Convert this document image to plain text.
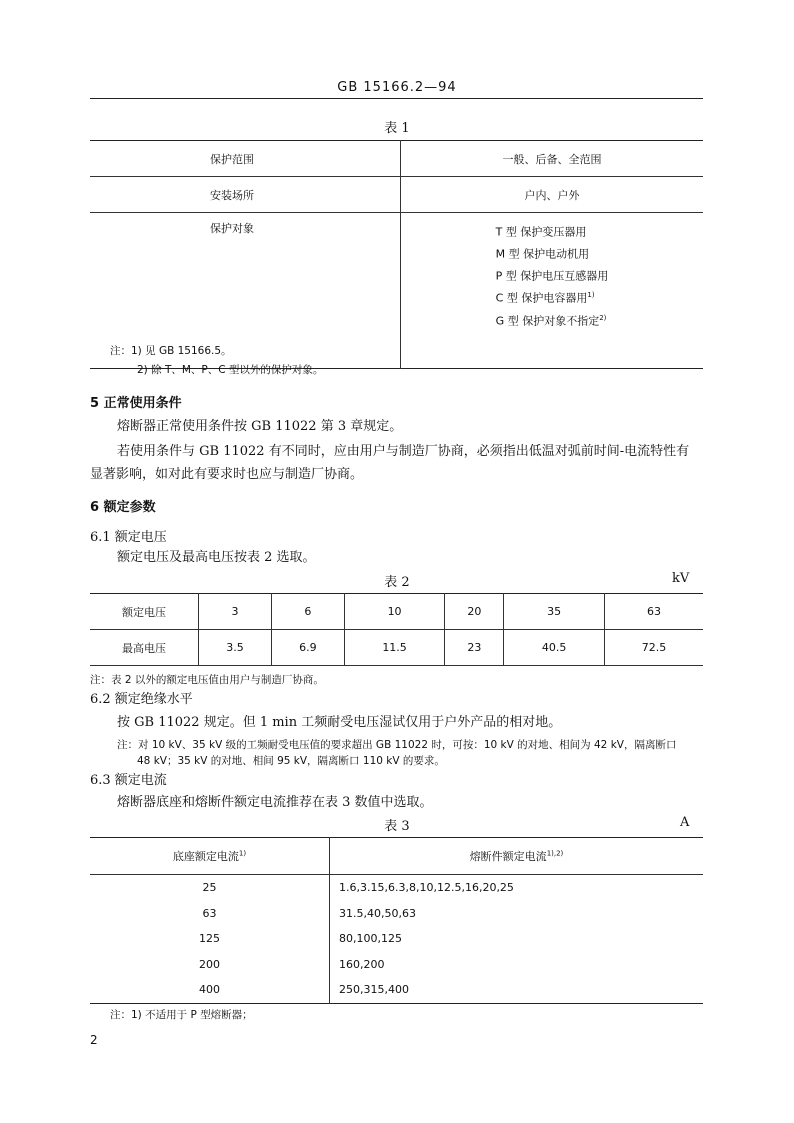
GB 15166.2—94
表 1
保护范围	一般、后备、全范围
安装场所	户内、户外
保护对象	T 型 保护变压器用
M 型 保护电动机用
P 型 保护电压互感器用
C 型 保护电容器用$^{1)}$
G 型 保护对象不指定$^{2)}$
注：1) 见 GB 15166.5。
2) 除 T、M、P、C 型以外的保护对象。
5 正常使用条件
熔断器正常使用条件按 GB 11022 第 3 章规定。
若使用条件与 GB 11022 有不同时，应由用户与制造厂协商，必须指出低温对弧前时间-电流特性有
显著影响，如对此有要求时也应与制造厂协商。
6 额定参数
6.1 额定电压
额定电压及最高电压按表 2 选取。
表 2	kV
额定电压	3	6	10	20	35	63
最高电压	3.5	6.9	11.5	23	40.5	72.5
注：表 2 以外的额定电压值由用户与制造厂协商。
6.2 额定绝缘水平
按 GB 11022 规定。但 1 min 工频耐受电压湿试仅用于户外产品的相对地。
注：对 10 kV、35 kV 级的工频耐受电压值的要求超出 GB 11022 时，可按：10 kV 的对地、相间为 42 kV，隔离断口
48 kV；35 kV 的对地、相间 95 kV，隔离断口 110 kV 的要求。
6.3 额定电流
熔断器底座和熔断件额定电流推荐在表 3 数值中选取。
表 3	A
底座额定电流$^{1)}$	熔断件额定电流$^{1),2)}$
25	1.6,3.15,6.3,8,10,12.5,16,20,25
63	31.5,40,50,63
125	80,100,125
200	160,200
400	250,315,400
注：1) 不适用于 P 型熔断器；
2
